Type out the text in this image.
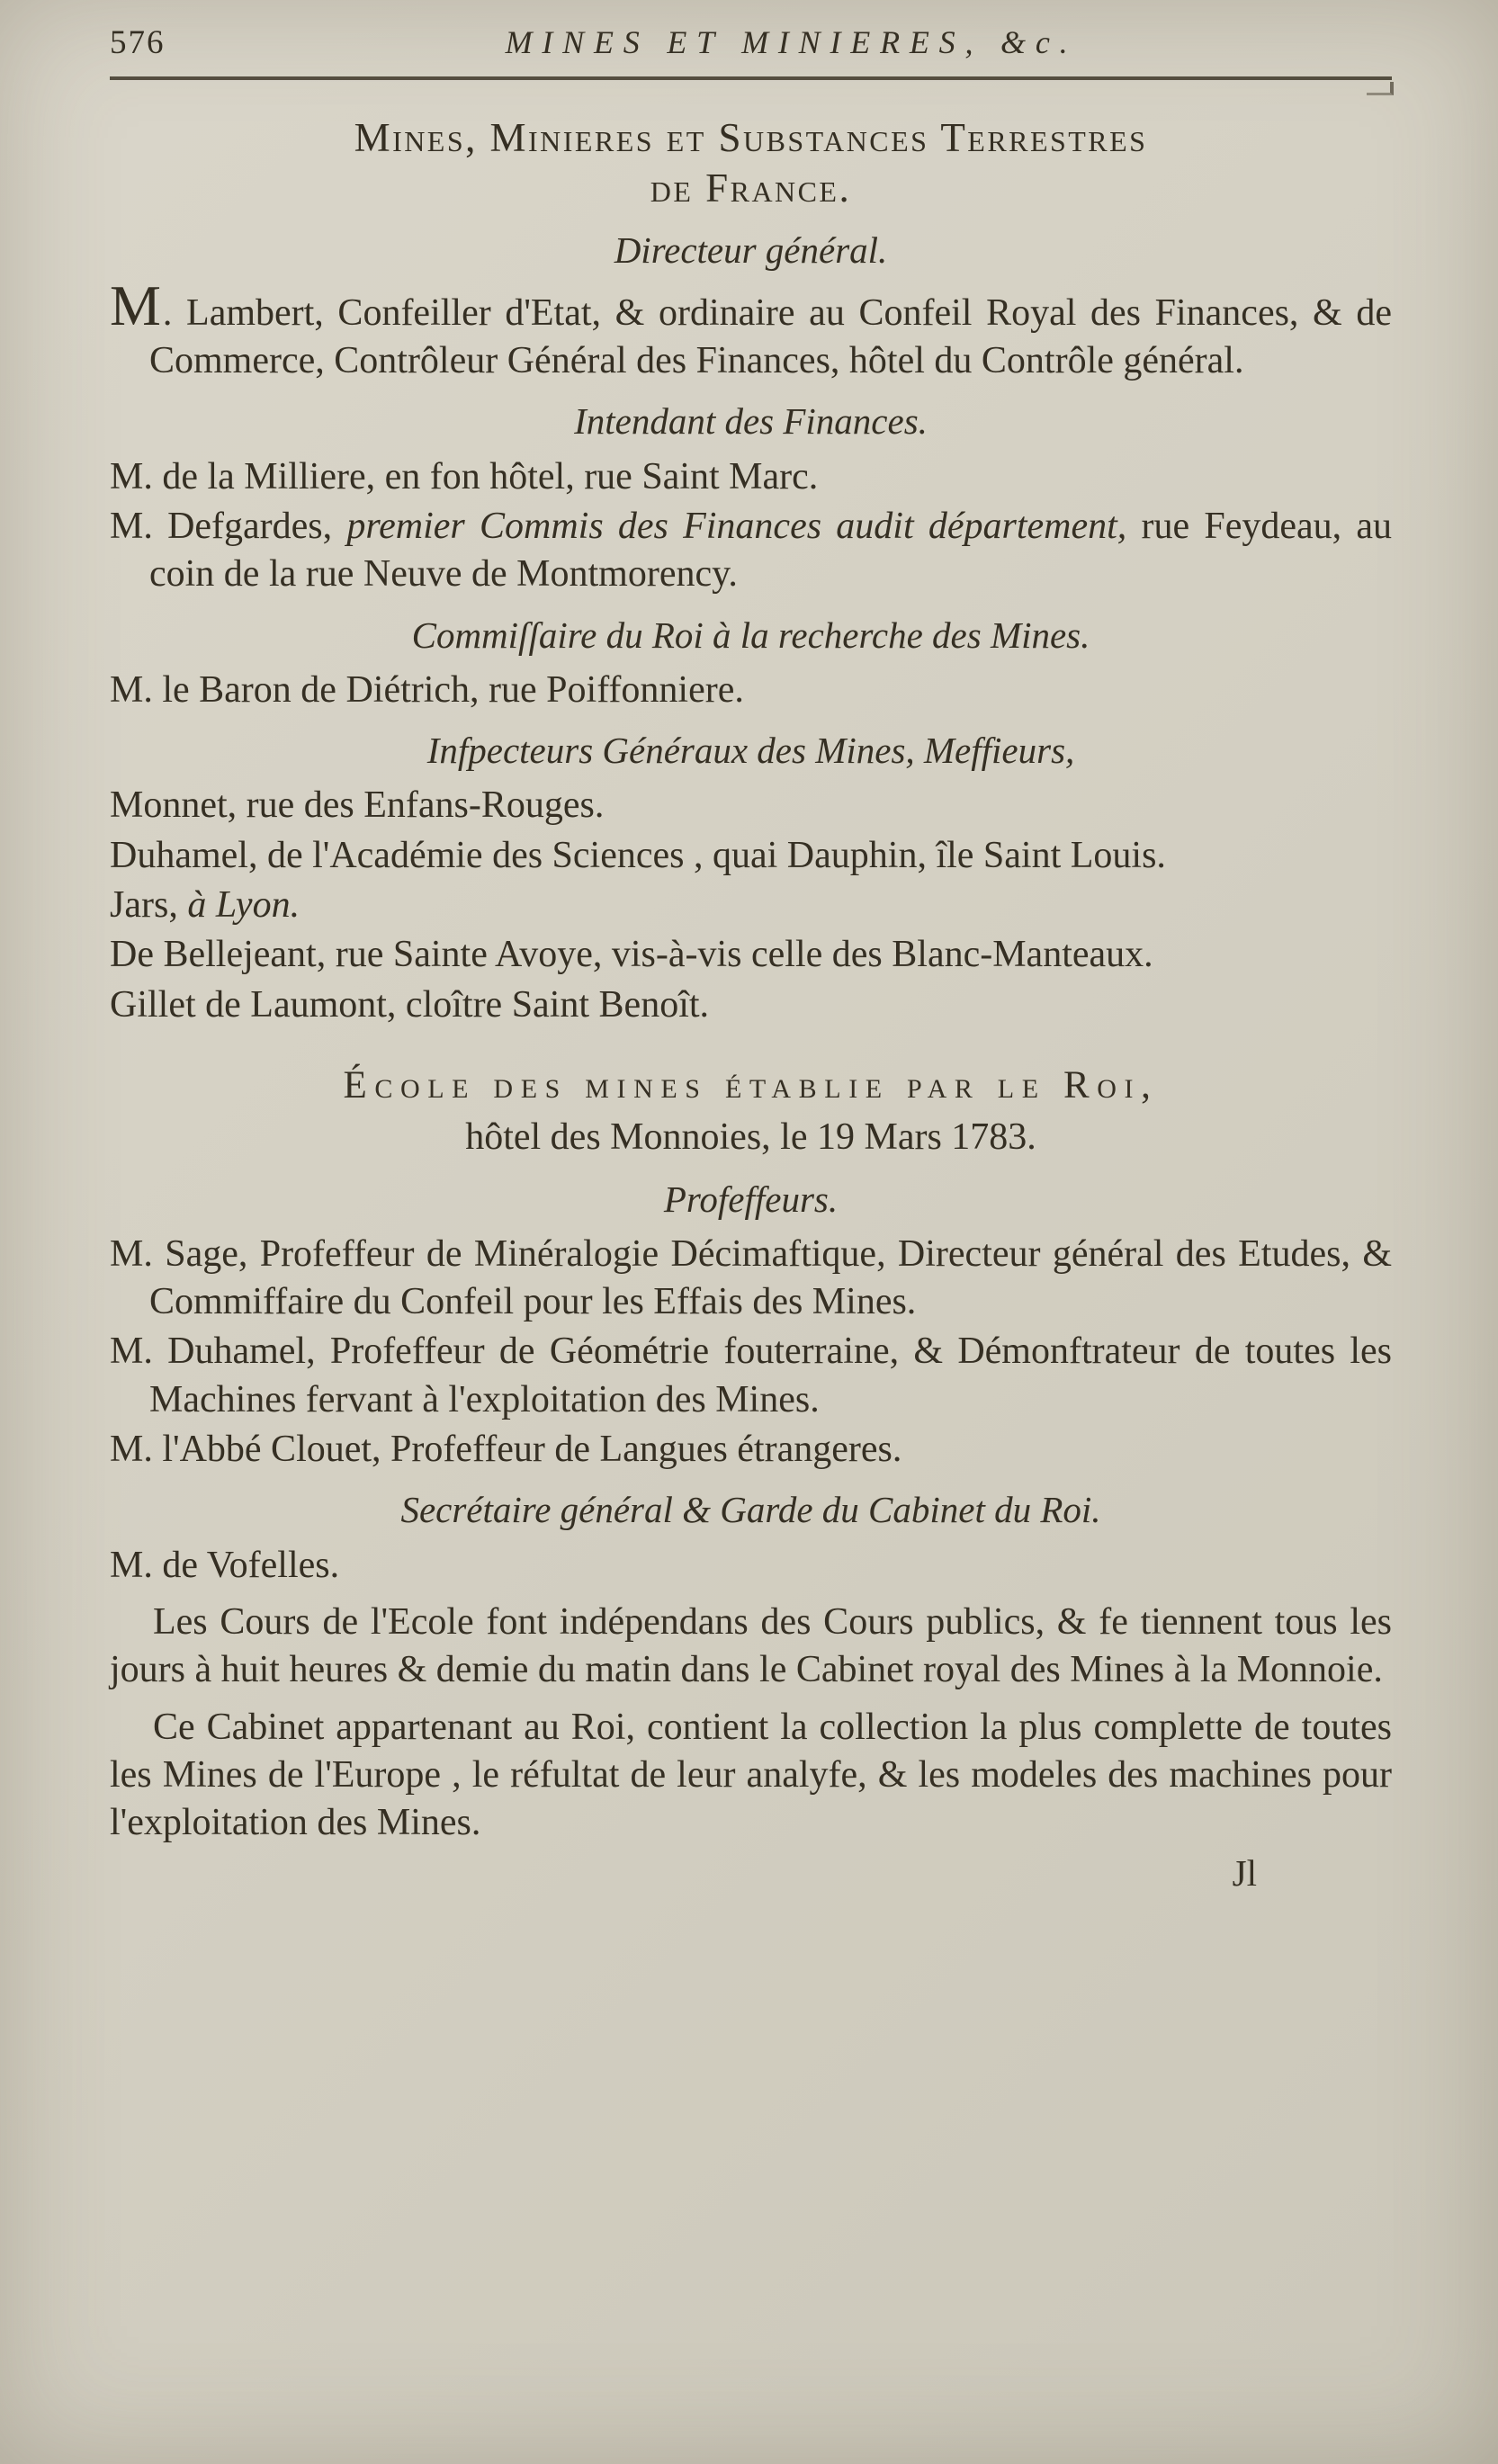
576	MINES ET MINIERES, &c.
Mines, Minieres et Substances Terrestres
de France.

Directeur général.

M. Lambert, Confeiller d'Etat, & ordinaire au Confeil Royal des Finances, & de Commerce, Contrôleur Général des Finances, hôtel du Contrôle général.

Intendant des Finances.

M. de la Milliere, en fon hôtel, rue Saint Marc.

M. Defgardes, premier Commis des Finances audit département, rue Feydeau, au coin de la rue Neuve de Montmorency.

Commiſſaire du Roi à la recherche des Mines.

M. le Baron de Diétrich, rue Poiffonniere.

Infpecteurs Généraux des Mines, Meffieurs,

Monnet, rue des Enfans-Rouges.

Duhamel, de l'Académie des Sciences , quai Dauphin, île Saint Louis.

Jars, à Lyon.

De Bellejeant, rue Sainte Avoye, vis-à-vis celle des Blanc-Manteaux.

Gillet de Laumont, cloître Saint Benoît.

École des mines établie par le Roi,
hôtel des Monnoies, le 19 Mars 1783.

Profeffeurs.

M. Sage, Profeffeur de Minéralogie Décimaftique, Directeur général des Etudes, & Commiffaire du Confeil pour les Effais des Mines.

M. Duhamel, Profeffeur de Géométrie fouterraine, & Démonftrateur de toutes les Machines fervant à l'exploitation des Mines.

M. l'Abbé Clouet, Profeffeur de Langues étrangeres.

Secrétaire général & Garde du Cabinet du Roi.

M. de Vofelles.

Les Cours de l'Ecole font indépendans des Cours publics, & fe tiennent tous les jours à huit heures & demie du matin dans le Cabinet royal des Mines à la Monnoie.

Ce Cabinet appartenant au Roi, contient la collection la plus complette de toutes les Mines de l'Europe , le réfultat de leur analyfe, & les modeles des machines pour l'exploitation des Mines.

Jl
